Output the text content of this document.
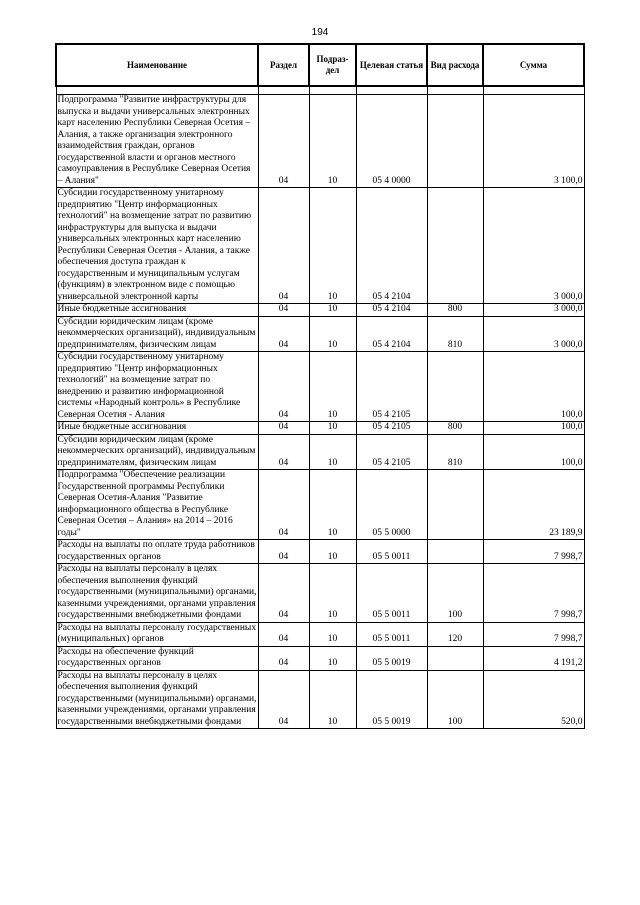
194
Наименование	Раздел	Подраз-дел	Целевая статья	Вид расхода	Сумма

Подпрограмма "Развитие инфраструктуры для выпуска и выдачи универсальных электронных карт населению Республики Северная Осетия – Алания, а также организация электронного взаимодействия граждан, органов государственной власти и органов местного самоуправления в Республике Северная Осетия – Алания"	04	10	05 4 0000		3 100,0
Субсидии государственному унитарному предприятию "Центр информационных технологий" на возмещение затрат по развитию инфраструктуры для выпуска и выдачи универсальных электронных карт населению Республики Северная Осетия - Алания, а также обеспечения доступа граждан к государственным и муниципальным услугам (функциям) в электронном виде с помощью универсальной электронной карты	04	10	05 4 2104		3 000,0
Иные бюджетные ассигнования	04	10	05 4 2104	800	3 000,0
Субсидии юридическим лицам (кроме некоммерческих организаций), индивидуальным предпринимателям, физическим лицам	04	10	05 4 2104	810	3 000,0
Субсидии государственному унитарному предприятию "Центр информационных технологий" на возмещение затрат по внедрению и развитию информационной системы «Народный контроль» в Республике Северная Осетия - Алания	04	10	05 4 2105		100,0
Иные бюджетные ассигнования	04	10	05 4 2105	800	100,0
Субсидии юридическим лицам (кроме некоммерческих организаций), индивидуальным предпринимателям, физическим лицам	04	10	05 4 2105	810	100,0
Подпрограмма "Обеспечение реализации Государственной программы Республики Северная Осетия-Алания "Развитие информационного общества в Республике Северная Осетия – Алания» на 2014 – 2016 годы"	04	10	05 5 0000		23 189,9
Расходы на выплаты по оплате труда работников государственных органов	04	10	05 5 0011		7 998,7
Расходы на выплаты персоналу в целях обеспечения выполнения функций государственными (муниципальными) органами, казенными учреждениями, органами управления государственными внебюджетными фондами	04	10	05 5 0011	100	7 998,7
Расходы на выплаты персоналу государственных (муниципальных) органов	04	10	05 5 0011	120	7 998,7
Расходы на обеспечение функций государственных органов	04	10	05 5 0019		4 191,2
Расходы на выплаты персоналу в целях обеспечения выполнения функций государственными (муниципальными) органами, казенными учреждениями, органами управления государственными внебюджетными фондами	04	10	05 5 0019	100	520,0
